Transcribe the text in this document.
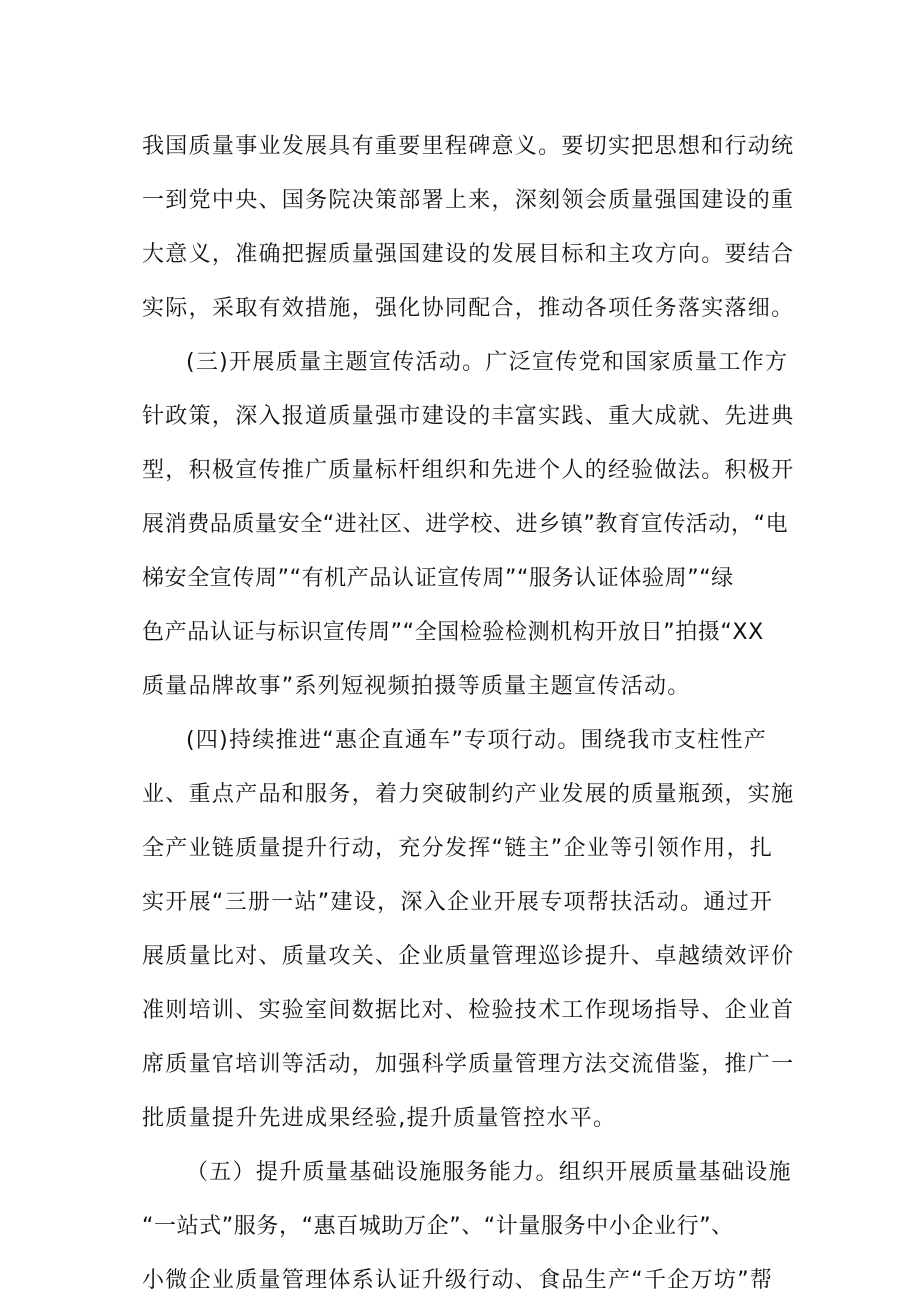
我国质量事业发展具有重要里程碑意义。要切实把思想和行动统
一到党中央、国务院决策部署上来，深刻领会质量强国建设的重
大意义，准确把握质量强国建设的发展目标和主攻方向。要结合
实际，采取有效措施，强化协同配合，推动各项任务落实落细。
(三)开展质量主题宣传活动。广泛宣传党和国家质量工作方
针政策，深入报道质量强市建设的丰富实践、重大成就、先进典
型，积极宣传推广质量标杆组织和先进个人的经验做法。积极开
展消费品质量安全“进社区、进学校、进乡镇”教育宣传活动，“电
梯安全宣传周”“有机产品认证宣传周”“服务认证体验周”“绿
色产品认证与标识宣传周”“全国检验检测机构开放日”拍摄“XX
质量品牌故事”系列短视频拍摄等质量主题宣传活动。
(四)持续推进“惠企直通车”专项行动。围绕我市支柱性产
业、重点产品和服务，着力突破制约产业发展的质量瓶颈，实施
全产业链质量提升行动，充分发挥“链主”企业等引领作用，扎
实开展“三册一站”建设，深入企业开展专项帮扶活动。通过开
展质量比对、质量攻关、企业质量管理巡诊提升、卓越绩效评价
准则培训、实验室间数据比对、检验技术工作现场指导、企业首
席质量官培训等活动，加强科学质量管理方法交流借鉴，推广一
批质量提升先进成果经验,提升质量管控水平。
（五）提升质量基础设施服务能力。组织开展质量基础设施
“一站式”服务，“惠百城助万企”、“计量服务中小企业行”、
小微企业质量管理体系认证升级行动、食品生产“千企万坊”帮
